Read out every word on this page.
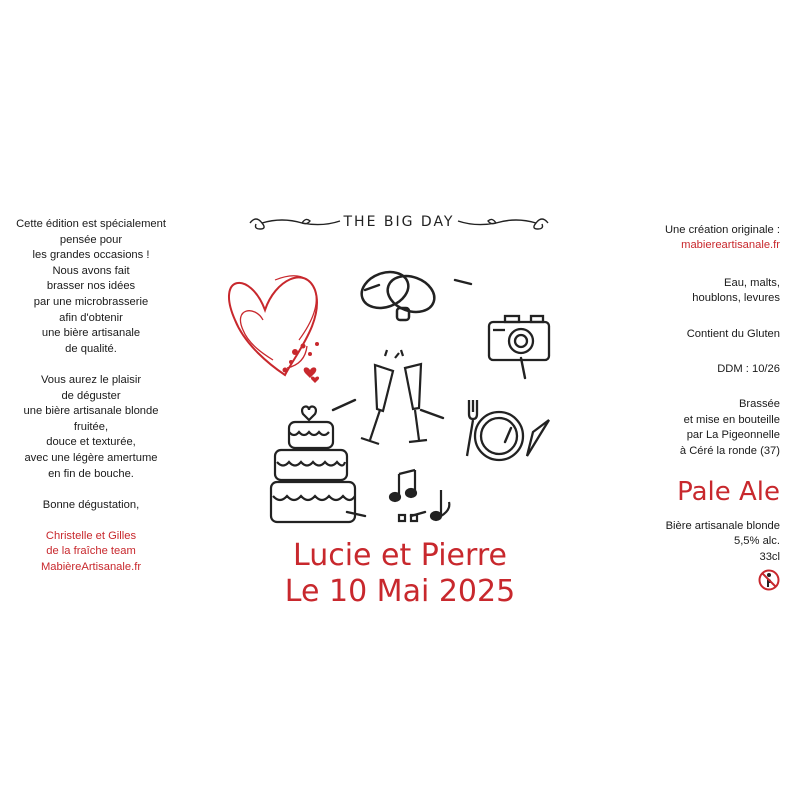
Cette édition est spécialement
pensée pour
les grandes occasions !
Nous avons fait
brasser nos idées
par une microbrasserie
afin d'obtenir
une bière artisanale
de qualité.

Vous aurez le plaisir
de déguster
une bière artisanale blonde
fruitée,
douce et texturée,
avec une légère amertume
en fin de bouche.

Bonne dégustation,

Christelle et Gilles
de la fraîche team
MabièreArtisanale.fr

THE BIG DAY
Lucie et Pierre
Le 10 Mai 2025

Une création originale :
mabiereartisanale.fr

Eau, malts,
houblons, levures

Contient du Gluten

DDM : 10/26

Brassée
et mise en bouteille
par La Pigeonnelle
à Céré la ronde (37)

Pale Ale

Bière artisanale blonde
5,5% alc.
33cl
